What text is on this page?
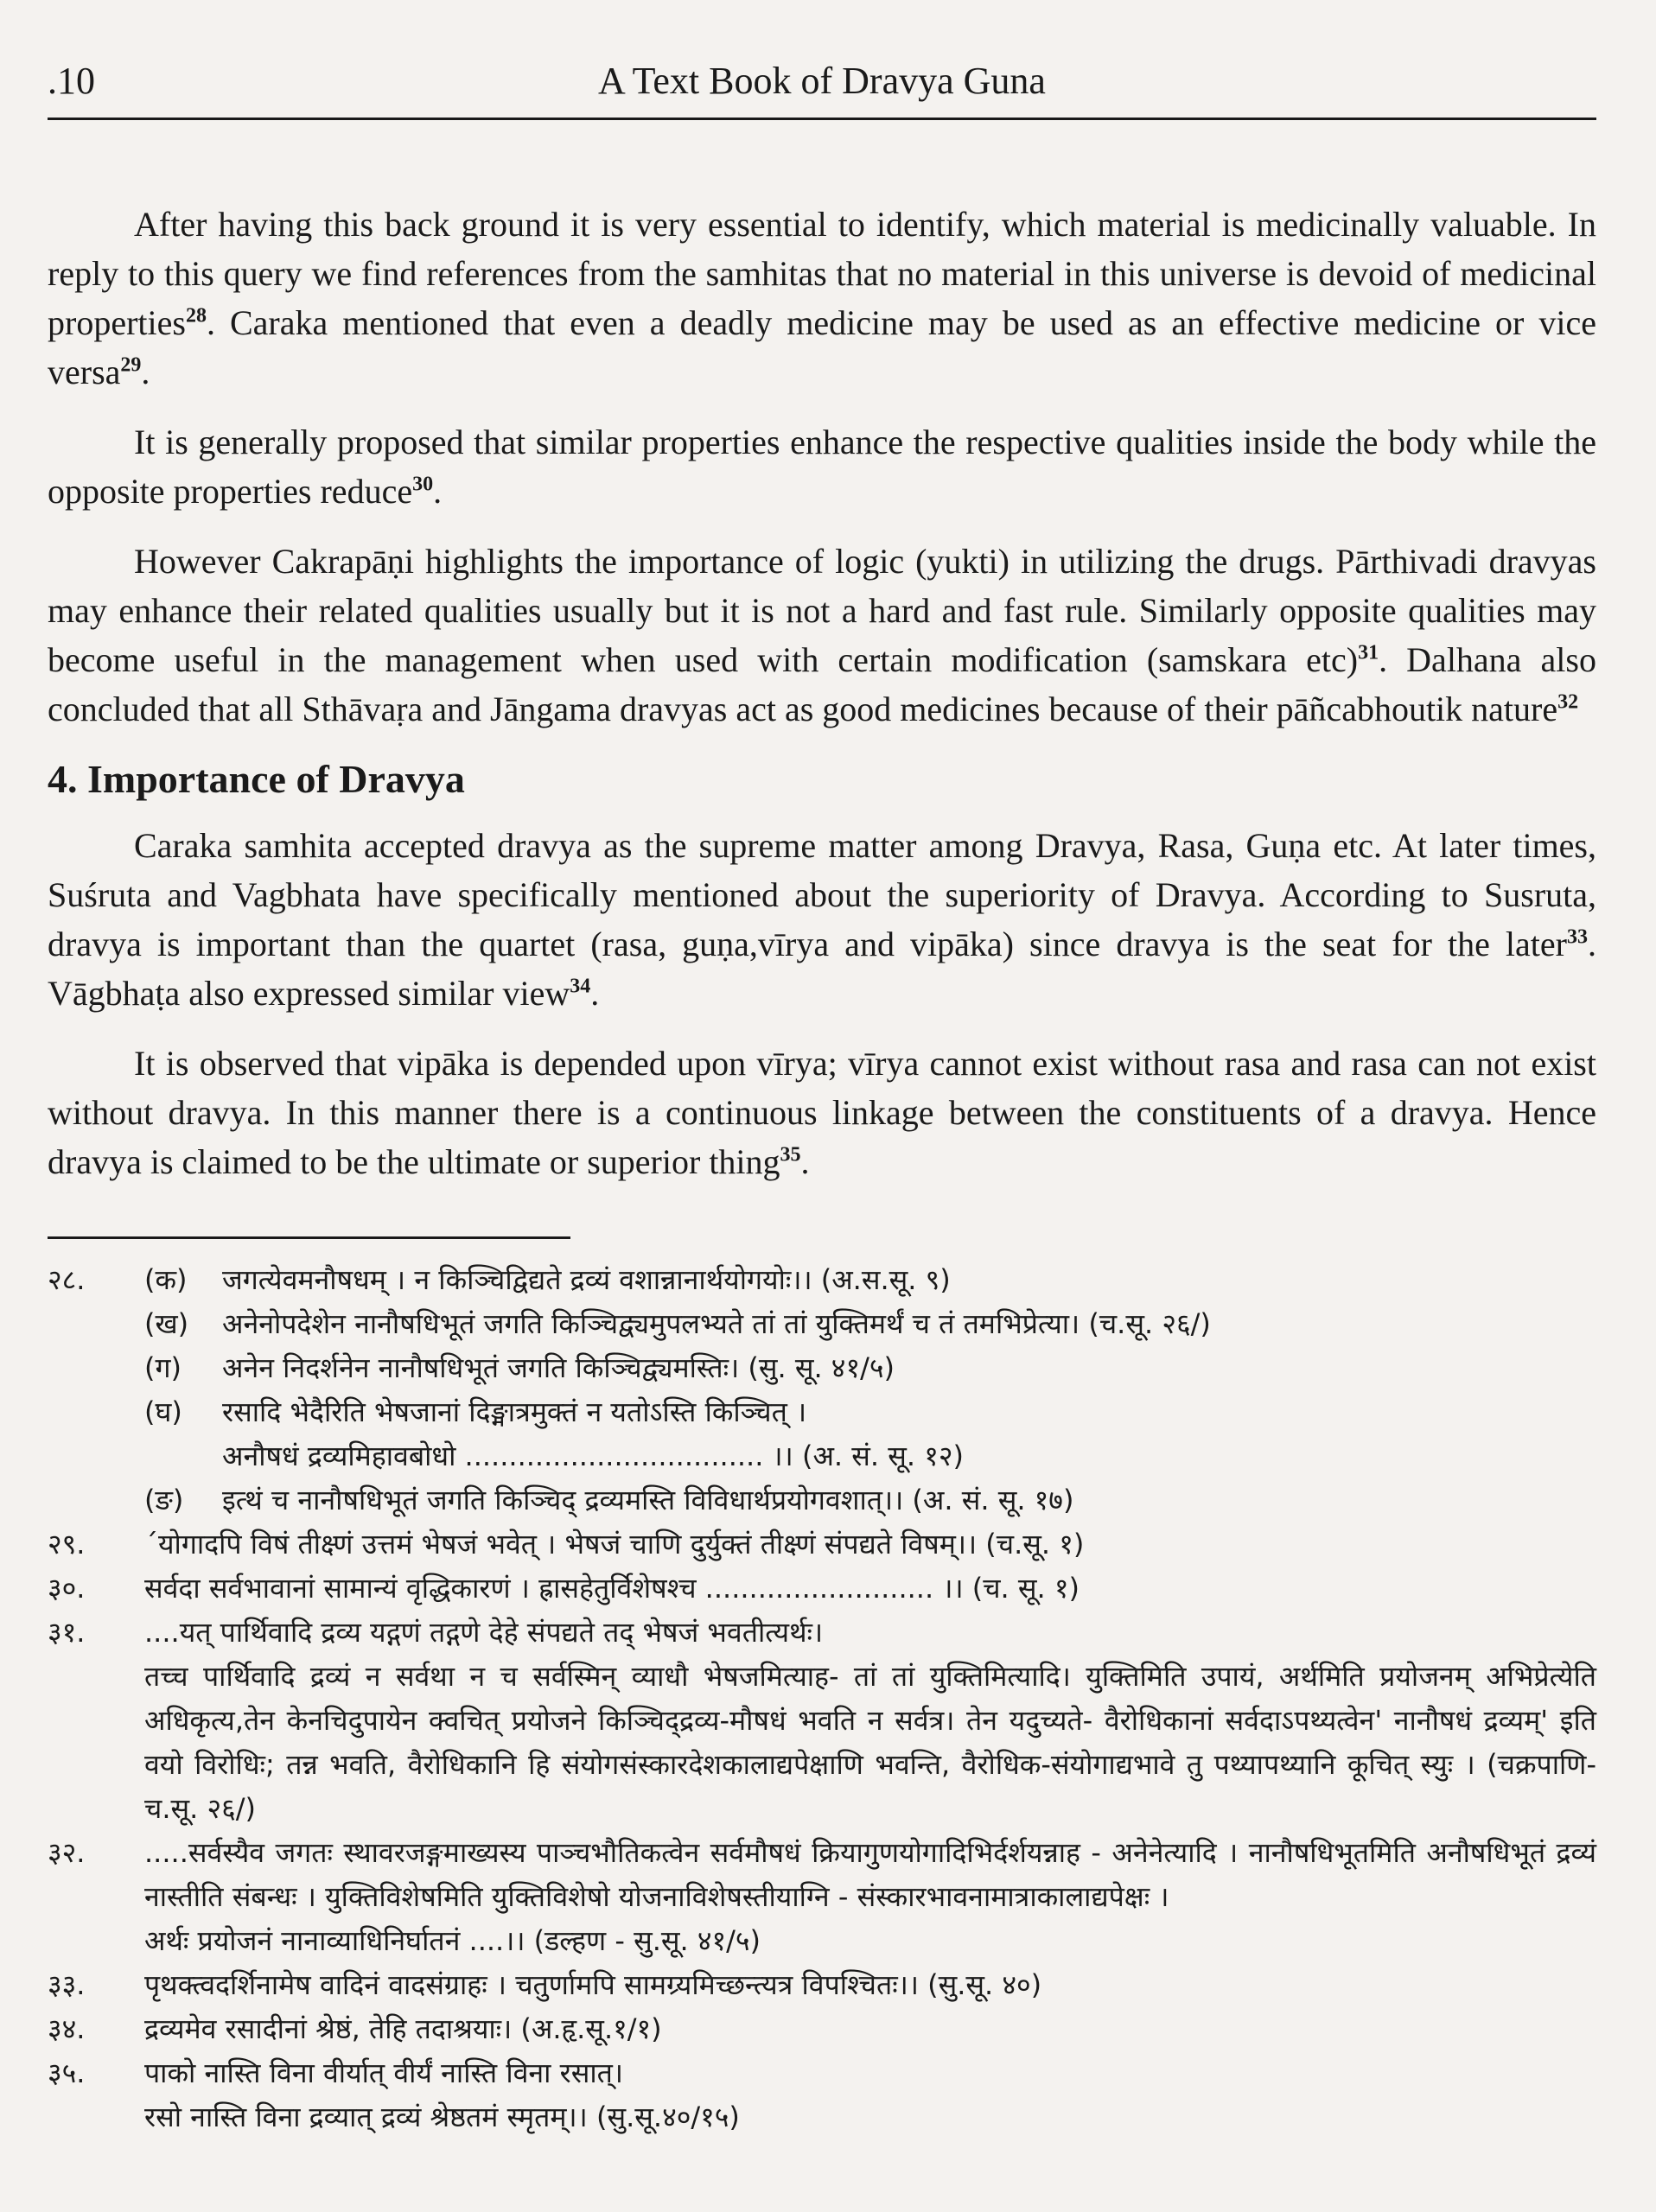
.10	A Text Book of Dravya Guna

After having this back ground it is very essential to identify, which material is medicinally valuable. In reply to this query we find references from the samhitas that no material in this universe is devoid of medicinal properties$^{28}$. Caraka mentioned that even a deadly medicine may be used as an effective medicine or vice versa$^{29}$.

It is generally proposed that similar properties enhance the respective qualities inside the body while the opposite properties reduce$^{30}$.

However Cakrapāṇi highlights the importance of logic (yukti) in utilizing the drugs. Pārthivadi dravyas may enhance their related qualities usually but it is not a hard and fast rule. Similarly opposite qualities may become useful in the management when used with certain modification (samskara etc)$^{31}$. Dalhana also concluded that all Sthāvaṛa and Jāngama dravyas act as good medicines because of their pāñcabhoutik nature$^{32}$

4. Importance of Dravya

Caraka samhita accepted dravya as the supreme matter among Dravya, Rasa, Guṇa etc. At later times, Suśruta and Vagbhata have specifically mentioned about the superiority of Dravya. According to Susruta, dravya is important than the quartet (rasa, guṇa,vīrya and vipāka) since dravya is the seat for the later$^{33}$. Vāgbhaṭa also expressed similar view$^{34}$.

It is observed that vipāka is depended upon vīrya; vīrya cannot exist without rasa and rasa can not exist without dravya. In this manner there is a continuous linkage between the constituents of a dravya. Hence dravya is claimed to be the ultimate or superior thing$^{35}$.

२८.	(क)	जगत्येवमनौषधम् । न किञ्चिद्विद्यते द्रव्यं वशान्नानार्थयोगयोः।। (अ.स.सू. ९)
(ख)	अनेनोपदेशेन नानौषधिभूतं जगति किञ्चिद्व्यमुपलभ्यते तां तां युक्तिमर्थं च तं तमभिप्रेत्या। (च.सू. २६/)
(ग)	अनेन निदर्शनेन नानौषधिभूतं जगति किञ्चिद्व्यमस्तिः। (सु. सू. ४१/५)
(घ)	रसादि भेदैरिति भेषजानां दिङ्मात्रमुक्तं न यतोऽस्ति किञ्चित् ।
अनौषधं द्रव्यमिहावबोधो .................................. ।। (अ. सं. सू. १२)
(ङ)	इत्थं च नानौषधिभूतं जगति किञ्चिद् द्रव्यमस्ति विविधार्थप्रयोगवशात्।। (अ. सं. सू. १७)
२९.	´योगादपि विषं तीक्ष्णं उत्तमं भेषजं भवेत् । भेषजं चाणि दुर्युक्तं तीक्ष्णं संपद्यते विषम्।। (च.सू. १)
३०.	सर्वदा सर्वभावानां सामान्यं वृद्धिकारणं । ह्रासहेतुर्विशेषश्च .......................... ।। (च. सू. १)
३१.	....यत् पार्थिवादि द्रव्य यद्गणं तद्गणे देहे संपद्यते तद् भेषजं भवतीत्यर्थः।
तच्च पार्थिवादि द्रव्यं न सर्वथा न च सर्वस्मिन् व्याधौ भेषजमित्याह- तां तां युक्तिमित्यादि। युक्तिमिति उपायं, अर्थमिति प्रयोजनम् अभिप्रेत्येति अधिकृत्य,तेन केनचिदुपायेन क्वचित् प्रयोजने किञ्चिद्द्रव्य-मौषधं भवति न सर्वत्र। तेन यदुच्यते- वैरोधिकानां सर्वदाऽपथ्यत्वेन' नानौषधं द्रव्यम्' इति वयो विरोधिः; तन्न भवति, वैरोधिकानि हि संयोगसंस्कारदेशकालाद्यपेक्षाणि भवन्ति, वैरोधिक-संयोगाद्यभावे तु पथ्यापथ्यानि कूचित् स्युः । (चक्रपाणि- च.सू. २६/)
३२.	.....सर्वस्यैव जगतः स्थावरजङ्गमाख्यस्य पाञ्चभौतिकत्वेन सर्वमौषधं क्रियागुणयोगादिभिर्दर्शयन्नाह - अनेनेत्यादि । नानौषधिभूतमिति अनौषधिभूतं द्रव्यं नास्तीति संबन्धः । युक्तिविशेषमिति युक्तिविशेषो योजनाविशेषस्तीयाग्नि - संस्कारभावनामात्राकालाद्यपेक्षः ।
अर्थः प्रयोजनं नानाव्याधिनिर्घातनं ....।। (डल्हण - सु.सू. ४१/५)
३३.	पृथक्त्वदर्शिनामेष वादिनं वादसंग्राहः । चतुर्णामपि सामग्र्यमिच्छन्त्यत्र विपश्चितः।। (सु.सू. ४०)
३४.	द्रव्यमेव रसादीनां श्रेष्ठं, तेहि तदाश्रयाः। (अ.हृ.सू.१/१)
३५.	पाको नास्ति विना वीर्यात् वीर्यं नास्ति विना रसात्।
रसो नास्ति विना द्रव्यात् द्रव्यं श्रेष्ठतमं स्मृतम्।। (सु.सू.४०/१५)
